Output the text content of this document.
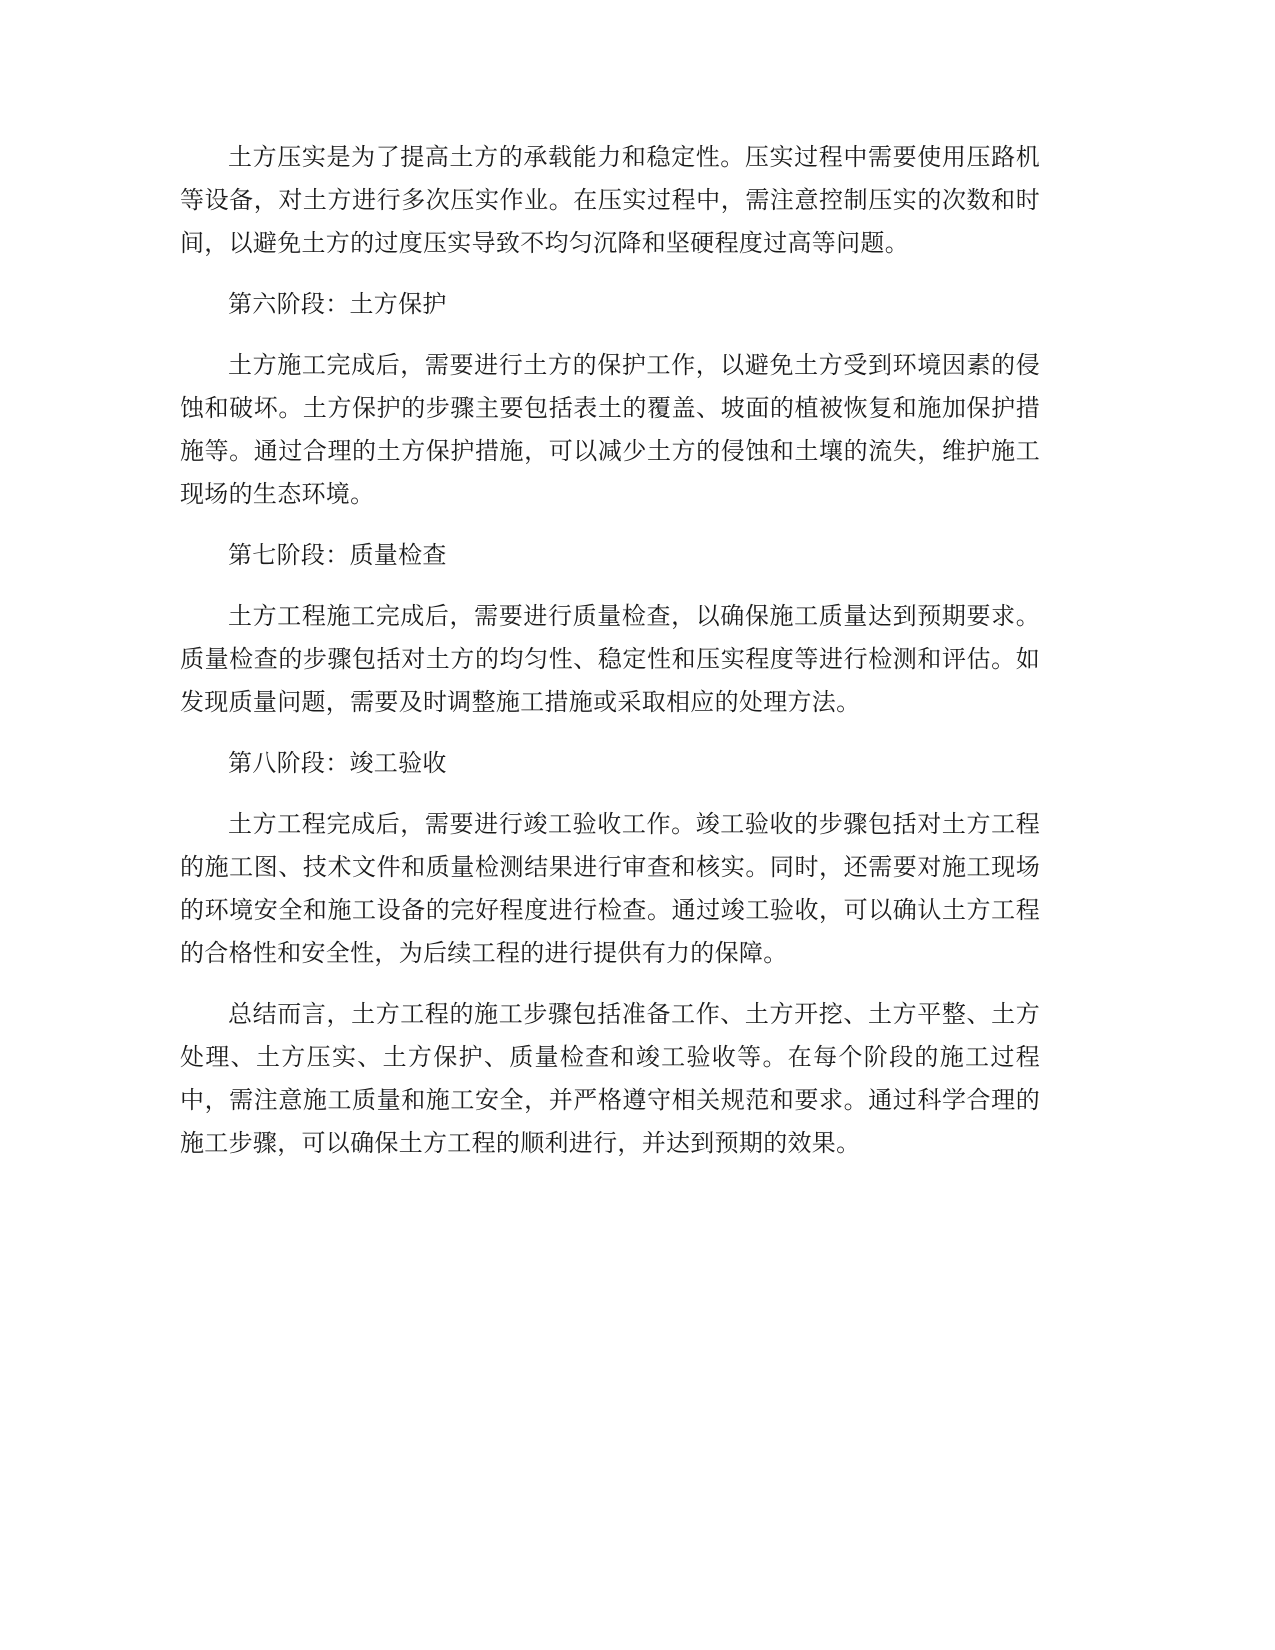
土方压实是为了提高土方的承载能力和稳定性。压实过程中需要使用压路机等设备，对土方进行多次压实作业。在压实过程中，需注意控制压实的次数和时间，以避免土方的过度压实导致不均匀沉降和坚硬程度过高等问题。

第六阶段：土方保护

土方施工完成后，需要进行土方的保护工作，以避免土方受到环境因素的侵蚀和破坏。土方保护的步骤主要包括表土的覆盖、坡面的植被恢复和施加保护措施等。通过合理的土方保护措施，可以减少土方的侵蚀和土壤的流失，维护施工现场的生态环境。

第七阶段：质量检查

土方工程施工完成后，需要进行质量检查，以确保施工质量达到预期要求。质量检查的步骤包括对土方的均匀性、稳定性和压实程度等进行检测和评估。如发现质量问题，需要及时调整施工措施或采取相应的处理方法。

第八阶段：竣工验收

土方工程完成后，需要进行竣工验收工作。竣工验收的步骤包括对土方工程的施工图、技术文件和质量检测结果进行审查和核实。同时，还需要对施工现场的环境安全和施工设备的完好程度进行检查。通过竣工验收，可以确认土方工程的合格性和安全性，为后续工程的进行提供有力的保障。

总结而言，土方工程的施工步骤包括准备工作、土方开挖、土方平整、土方处理、土方压实、土方保护、质量检查和竣工验收等。在每个阶段的施工过程中，需注意施工质量和施工安全，并严格遵守相关规范和要求。通过科学合理的施工步骤，可以确保土方工程的顺利进行，并达到预期的效果。
